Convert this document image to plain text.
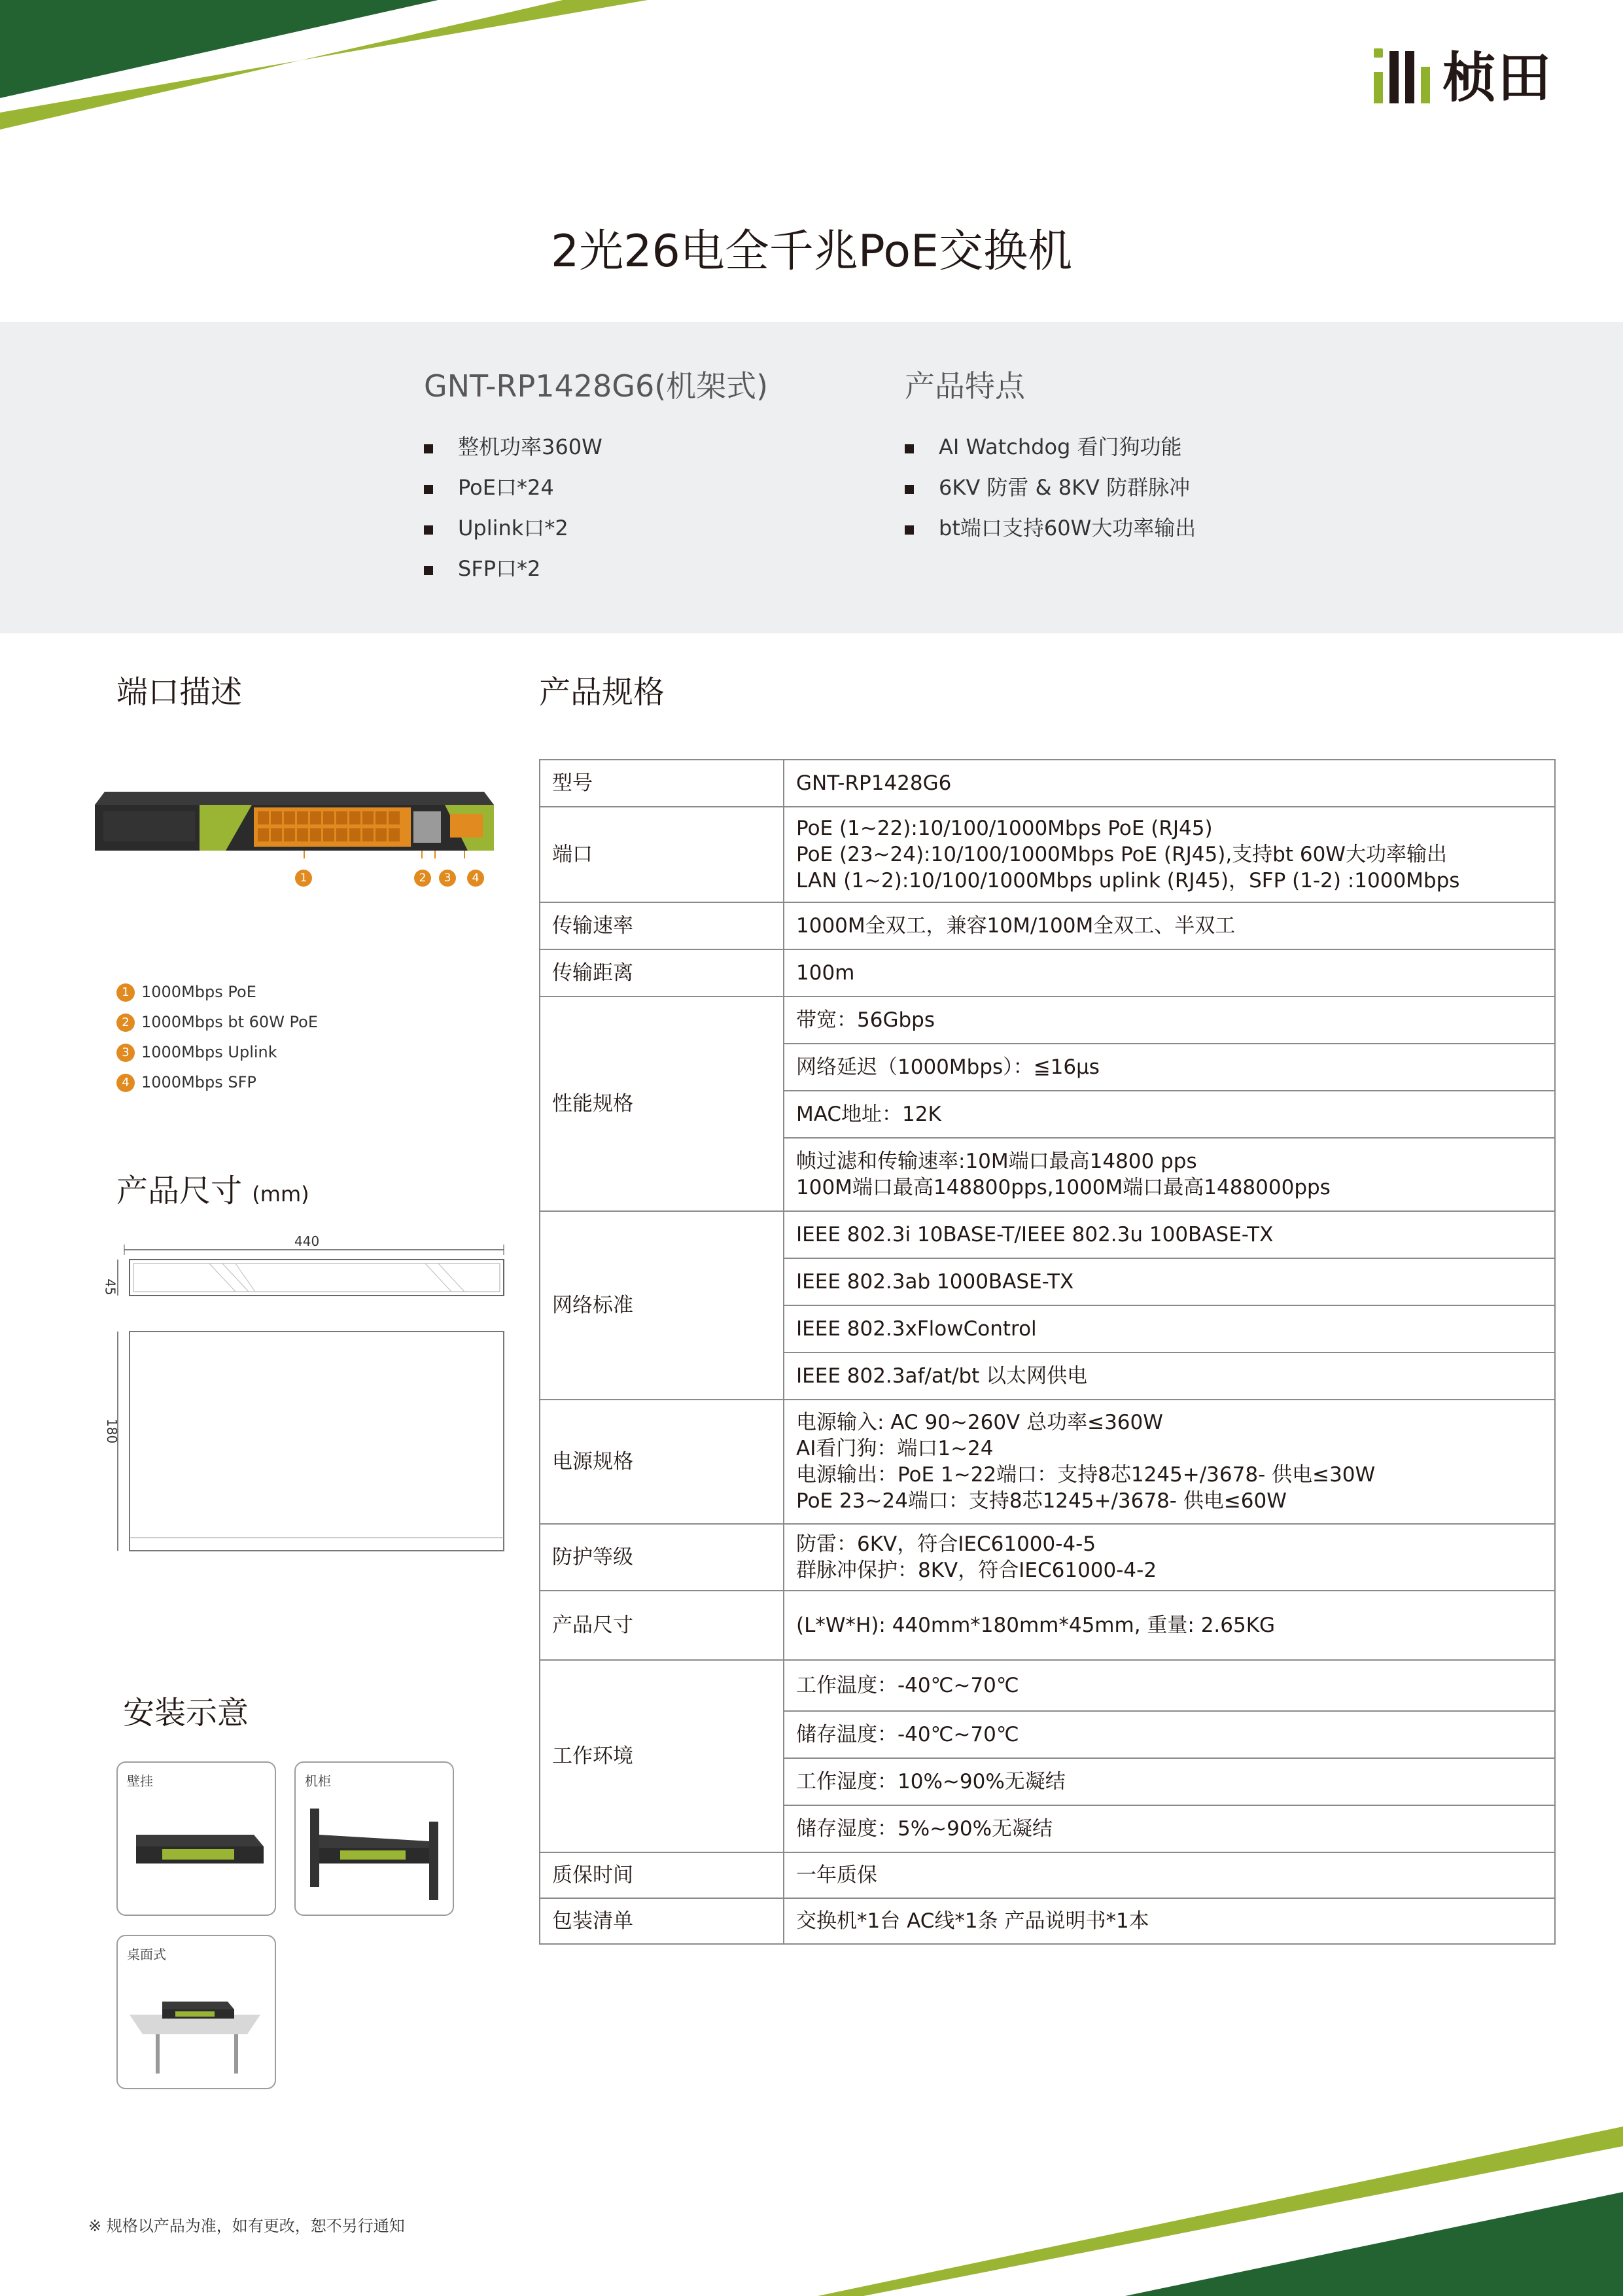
桢田
2光26电全千兆PoE交换机
GNT-RP1428G6(机架式)
整机功率360W
PoE口*24
Uplink口*2
SFP口*2
产品特点
AI Watchdog 看门狗功能
6KV 防雷 & 8KV 防群脉冲
bt端口支持60W大功率输出
端口描述
1	2	3	4
1 1000Mbps PoE
2 1000Mbps bt 60W PoE
3 1000Mbps Uplink
4 1000Mbps SFP
产品尺寸 (mm)
440
45
180
安装示意
壁挂	机柜
桌面式
产品规格
型号	GNT-RP1428G6
端口	PoE (1~22):10/100/1000Mbps PoE (RJ45)
PoE (23~24):10/100/1000Mbps PoE (RJ45),支持bt 60W大功率输出
LAN (1~2):10/100/1000Mbps uplink (RJ45)，SFP (1-2) :1000Mbps

传输速率	1000M全双工，兼容10M/100M全双工、半双工
传输距离	100m
性能规格	带宽：56Gbps
	网络延迟（1000Mbps）：≦16μs
	MAC地址：12K
	帧过滤和传输速率:10M端口最高14800 pps
100M端口最高148800pps,1000M端口最高1488000pps
网络标准	IEEE 802.3i 10BASE-T/IEEE 802.3u 100BASE-TX
	IEEE 802.3ab 1000BASE-TX
	IEEE 802.3xFlowControl
	IEEE 802.3af/at/bt 以太网供电
电源规格	电源输入: AC 90~260V 总功率≤360W
AI看门狗：端口1~24
电源输出：PoE 1~22端口：支持8芯1245+/3678- 供电≤30W
PoE 23~24端口：支持8芯1245+/3678- 供电≤60W
防护等级	防雷：6KV，符合IEC61000-4-5
群脉冲保护：8KV，符合IEC61000-4-2
产品尺寸	(L*W*H): 440mm*180mm*45mm, 重量: 2.65KG
工作环境	工作温度：-40℃~70℃
	储存温度：-40℃~70℃
	工作湿度：10%~90%无凝结
	储存湿度：5%~90%无凝结
质保时间	一年质保
包装清单	交换机*1台 AC线*1条 产品说明书*1本
※ 规格以产品为准，如有更改，恕不另行通知
